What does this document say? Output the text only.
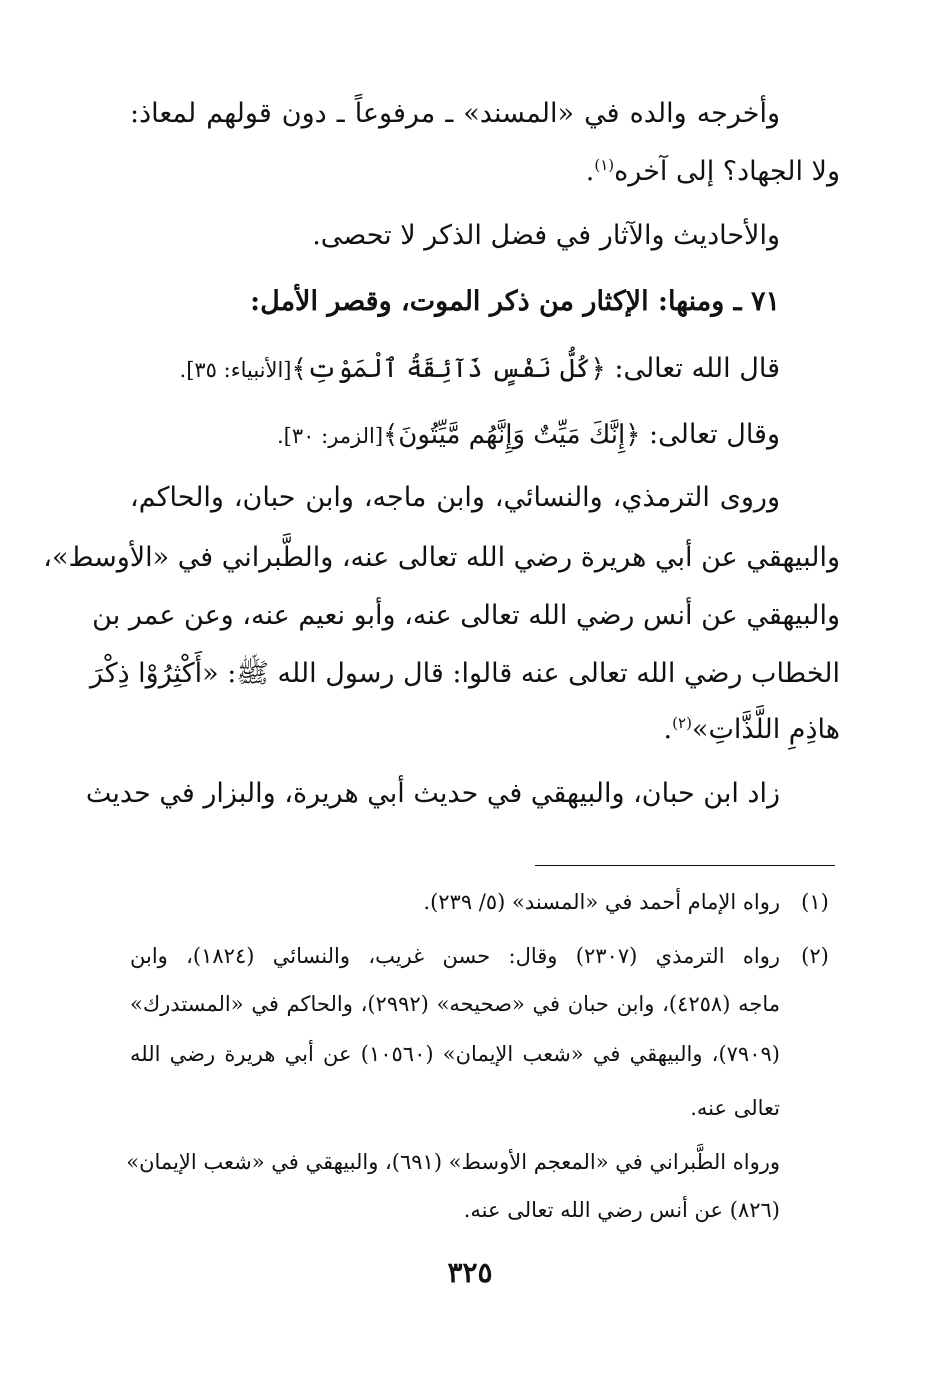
وأخرجه والده في «المسند» ـ مرفوعاً ـ دون قولهم لمعاذ:
ولا الجهاد؟ إلى آخره$^{(١)}$.
والأحاديث والآثار في فضل الذكر لا تحصى.
٧١ ـ ومنها: الإكثار من ذكر الموت، وقصر الأمل:
قال الله تعالى: ﴿كُلُّ نَفْسٍ ذَآئِقَةُ ٱلْمَوْتِ﴾[الأنبياء: ٣٥].
وقال تعالى: ﴿إِنَّكَ مَيِّتٌ وَإِنَّهُم مَّيِّتُونَ﴾[الزمر: ٣٠].
وروى الترمذي، والنسائي، وابن ماجه، وابن حبان، والحاكم،
والبيهقي عن أبي هريرة رضي الله تعالى عنه، والطَّبراني في «الأوسط»،
والبيهقي عن أنس رضي الله تعالى عنه، وأبو نعيم عنه، وعن عمر بن
الخطاب رضي الله تعالى عنه قالوا: قال رسول الله ﷺ: «أَكْثِرُوْا ذِكْرَ
هاذِمِ اللَّذَّاتِ»$^{(٢)}$.
زاد ابن حبان، والبيهقي في حديث أبي هريرة، والبزار في حديث
(١)
رواه الإمام أحمد في «المسند» (٥/ ٢٣٩).
(٢)
رواه الترمذي (٢٣٠٧) وقال: حسن غريب، والنسائي (١٨٢٤)، وابن
ماجه (٤٢٥٨)، وابن حبان في «صحيحه» (٢٩٩٢)، والحاكم في «المستدرك»
(٧٩٠٩)، والبيهقي في «شعب الإيمان» (١٠٥٦٠) عن أبي هريرة رضي الله
تعالى عنه.
ورواه الطَّبراني في «المعجم الأوسط» (٦٩١)، والبيهقي في «شعب الإيمان»
(٨٢٦) عن أنس رضي الله تعالى عنه.
٣٢٥
